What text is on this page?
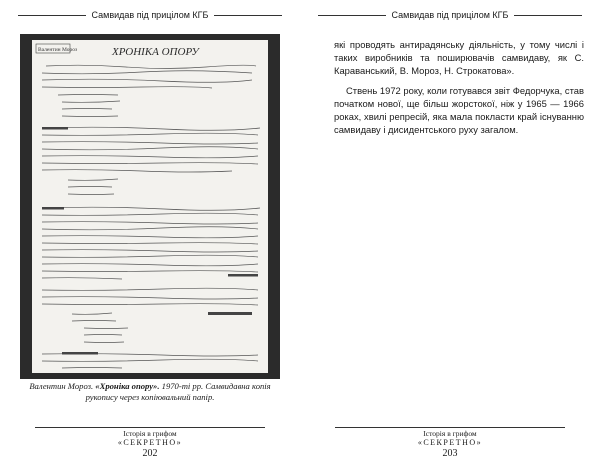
Самвидав під прицілом КГБ
Валентин Мороз	ХРОНІКА ОПОРУ
Валентин Мороз. «Хроніка опору». 1970-ті рр. Самвидавна копія рукопису через копіювальний папір.
Історія в грифом
«СЕКРЕТНО»
202
Самвидав під прицілом КГБ

які проводять антирадянську діяльність, у тому числі і таких виробників та поширювачів самвидаву, як С. Караванський, В. Мороз, Н. Строкатова».

Ствень 1972 року, коли готувався звіт Федорчука, став початком нової, ще більш жорстокої, ніж у 1965 — 1966 роках, хвилі репресій, яка мала покласти край існуванню самвидаву і дисидентського руху загалом.

Історія в грифом
«СЕКРЕТНО»
203
